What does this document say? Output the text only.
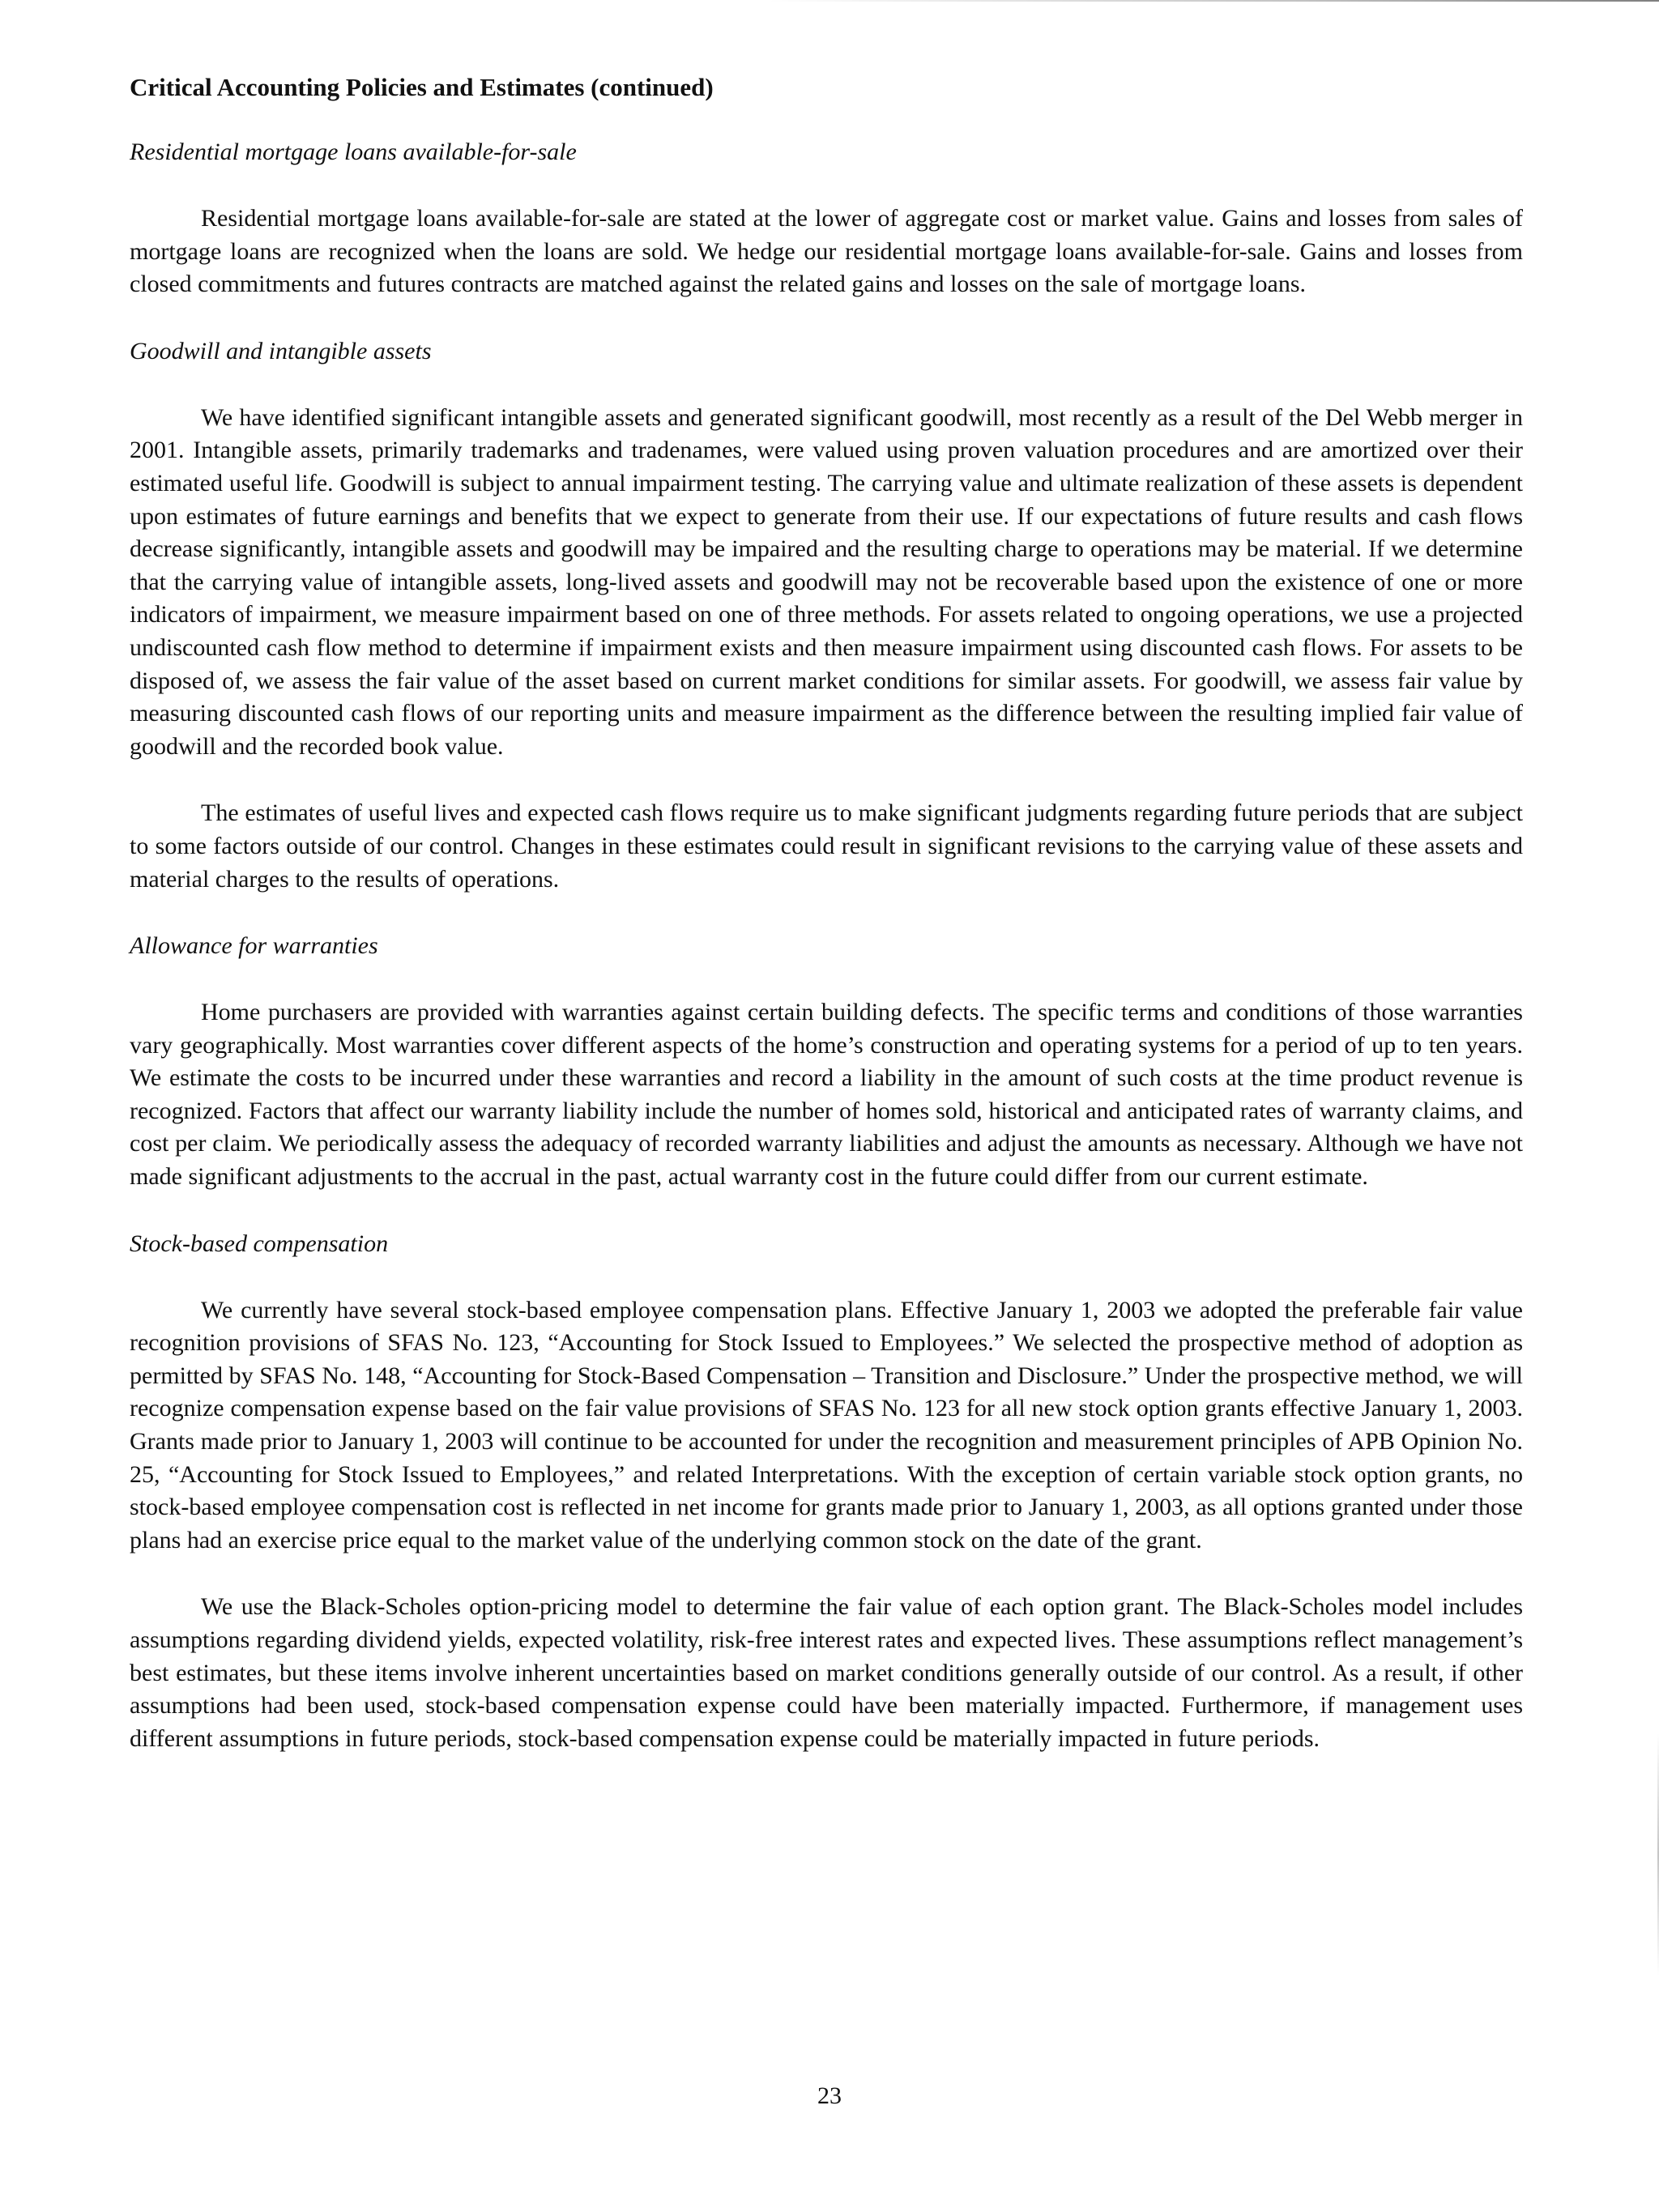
Critical Accounting Policies and Estimates (continued)
Residential mortgage loans available-for-sale

Residential mortgage loans available-for-sale are stated at the lower of aggregate cost or market value. Gains and losses from sales of mortgage loans are recognized when the loans are sold. We hedge our residential mortgage loans available-for-sale. Gains and losses from closed commitments and futures contracts are matched against the related gains and losses on the sale of mortgage loans.

Goodwill and intangible assets

We have identified significant intangible assets and generated significant goodwill, most recently as a result of the Del Webb merger in 2001. Intangible assets, primarily trademarks and tradenames, were valued using proven valuation procedures and are amortized over their estimated useful life. Goodwill is subject to annual impairment testing. The carrying value and ultimate realization of these assets is dependent upon estimates of future earnings and benefits that we expect to generate from their use. If our expectations of future results and cash flows decrease significantly, intangible assets and goodwill may be impaired and the resulting charge to operations may be material. If we determine that the carrying value of intangible assets, long-lived assets and goodwill may not be recoverable based upon the existence of one or more indicators of impairment, we measure impairment based on one of three methods. For assets related to ongoing operations, we use a projected undiscounted cash flow method to determine if impairment exists and then measure impairment using discounted cash flows. For assets to be disposed of, we assess the fair value of the asset based on current market conditions for similar assets. For goodwill, we assess fair value by measuring discounted cash flows of our reporting units and measure impairment as the difference between the resulting implied fair value of goodwill and the recorded book value.

The estimates of useful lives and expected cash flows require us to make significant judgments regarding future periods that are subject to some factors outside of our control. Changes in these estimates could result in significant revisions to the carrying value of these assets and material charges to the results of operations.

Allowance for warranties

Home purchasers are provided with warranties against certain building defects. The specific terms and conditions of those warranties vary geographically. Most warranties cover different aspects of the home’s construction and operating systems for a period of up to ten years. We estimate the costs to be incurred under these warranties and record a liability in the amount of such costs at the time product revenue is recognized. Factors that affect our warranty liability include the number of homes sold, historical and anticipated rates of warranty claims, and cost per claim. We periodically assess the adequacy of recorded warranty liabilities and adjust the amounts as necessary. Although we have not made significant adjustments to the accrual in the past, actual warranty cost in the future could differ from our current estimate.

Stock-based compensation

We currently have several stock-based employee compensation plans. Effective January 1, 2003 we adopted the preferable fair value recognition provisions of SFAS No. 123, “Accounting for Stock Issued to Employees.” We selected the prospective method of adoption as permitted by SFAS No. 148, “Accounting for Stock-Based Compensation – Transition and Disclosure.” Under the prospective method, we will recognize compensation expense based on the fair value provisions of SFAS No. 123 for all new stock option grants effective January 1, 2003. Grants made prior to January 1, 2003 will continue to be accounted for under the recognition and measurement principles of APB Opinion No. 25, “Accounting for Stock Issued to Employees,” and related Interpretations. With the exception of certain variable stock option grants, no stock-based employee compensation cost is reflected in net income for grants made prior to January 1, 2003, as all options granted under those plans had an exercise price equal to the market value of the underlying common stock on the date of the grant.

We use the Black-Scholes option-pricing model to determine the fair value of each option grant. The Black-Scholes model includes assumptions regarding dividend yields, expected volatility, risk-free interest rates and expected lives. These assumptions reflect management’s best estimates, but these items involve inherent uncertainties based on market conditions generally outside of our control. As a result, if other assumptions had been used, stock-based compensation expense could have been materially impacted. Furthermore, if management uses different assumptions in future periods, stock-based compensation expense could be materially impacted in future periods.

23
